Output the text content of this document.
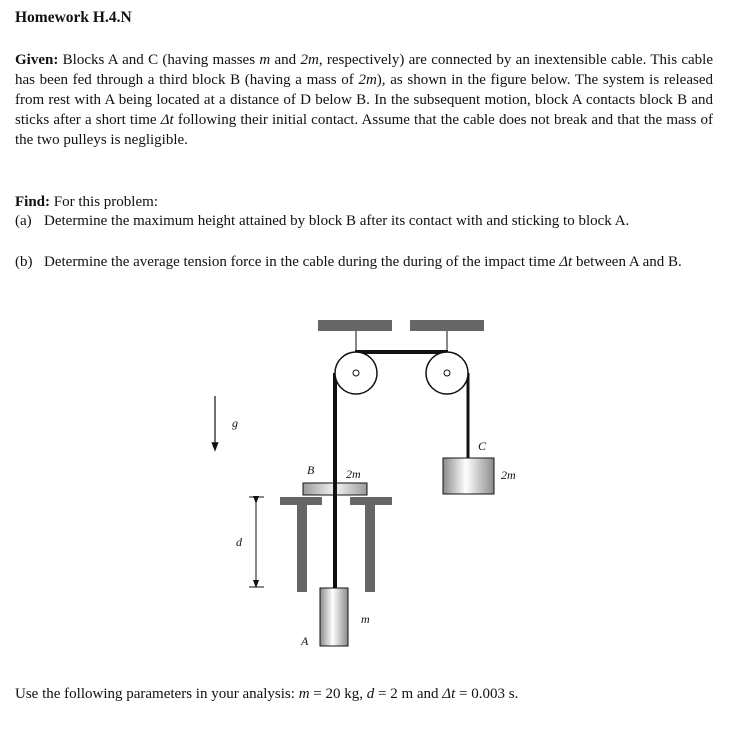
Homework H.4.N
Given: Blocks A and C (having masses m and 2m, respectively) are connected by an inextensible cable. This cable has been fed through a third block B (having a mass of 2m), as shown in the figure below. The system is released from rest with A being located at a distance of D below B. In the subsequent motion, block A contacts block B and sticks after a short time Δt following their initial contact. Assume that the cable does not break and that the mass of the two pulleys is negligible.
Find: For this problem:
(a) Determine the maximum height attained by block B after its contact with and sticking to block A.
(b) Determine the average tension force in the cable during the during of the impact time Δt between A and B.
g
d
B	2m
C
2m
A
m
Use the following parameters in your analysis: m = 20 kg, d = 2 m and Δt = 0.003 s.
